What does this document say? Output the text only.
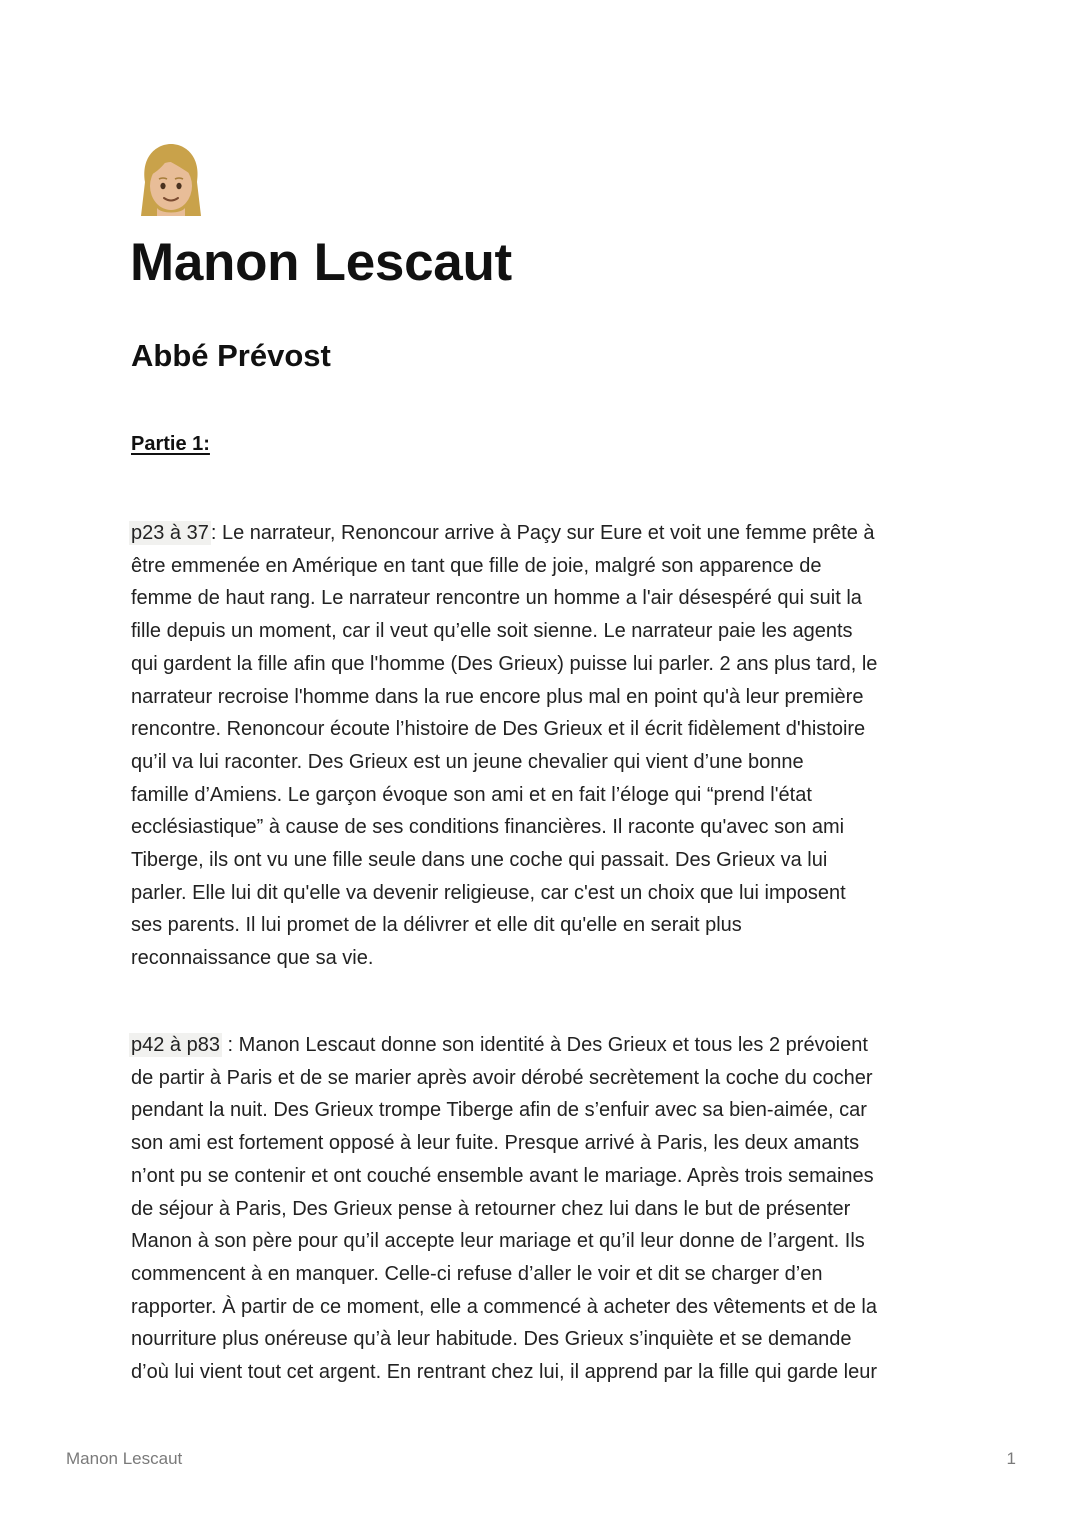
Manon Lescaut
Abbé Prévost
Partie 1:

p23 à 37 : Le narrateur, Renoncour arrive à Paçy sur Eure et voit une femme prête à
être emmenée en Amérique en tant que fille de joie, malgré son apparence de
femme de haut rang. Le narrateur rencontre un homme a l'air désespéré qui suit la
fille depuis un moment, car il veut qu’elle soit sienne. Le narrateur paie les agents
qui gardent la fille afin que l'homme (Des Grieux) puisse lui parler. 2 ans plus tard, le
narrateur recroise l'homme dans la rue encore plus mal en point qu'à leur première
rencontre. Renoncour écoute l’histoire de Des Grieux et il écrit fidèlement d'histoire
qu’il va lui raconter. Des Grieux est un jeune chevalier qui vient d’une bonne
famille d’Amiens. Le garçon évoque son ami et en fait l’éloge qui “prend l'état
ecclésiastique” à cause de ses conditions financières. Il raconte qu'avec son ami
Tiberge, ils ont vu une fille seule dans une coche qui passait. Des Grieux va lui
parler. Elle lui dit qu'elle va devenir religieuse, car c'est un choix que lui imposent
ses parents. Il lui promet de la délivrer et elle dit qu'elle en serait plus
reconnaissance que sa vie.

p42 à p83 : Manon Lescaut donne son identité à Des Grieux et tous les 2 prévoient
de partir à Paris et de se marier après avoir dérobé secrètement la coche du cocher
pendant la nuit. Des Grieux trompe Tiberge afin de s’enfuir avec sa bien-aimée, car
son ami est fortement opposé à leur fuite. Presque arrivé à Paris, les deux amants
n’ont pu se contenir et ont couché ensemble avant le mariage. Après trois semaines
de séjour à Paris, Des Grieux pense à retourner chez lui dans le but de présenter
Manon à son père pour qu’il accepte leur mariage et qu’il leur donne de l’argent. Ils
commencent à en manquer. Celle-ci refuse d’aller le voir et dit se charger d’en
rapporter. À partir de ce moment, elle a commencé à acheter des vêtements et de la
nourriture plus onéreuse qu’à leur habitude. Des Grieux s’inquiète et se demande
d’où lui vient tout cet argent. En rentrant chez lui, il apprend par la fille qui garde leur

Manon Lescaut	1
